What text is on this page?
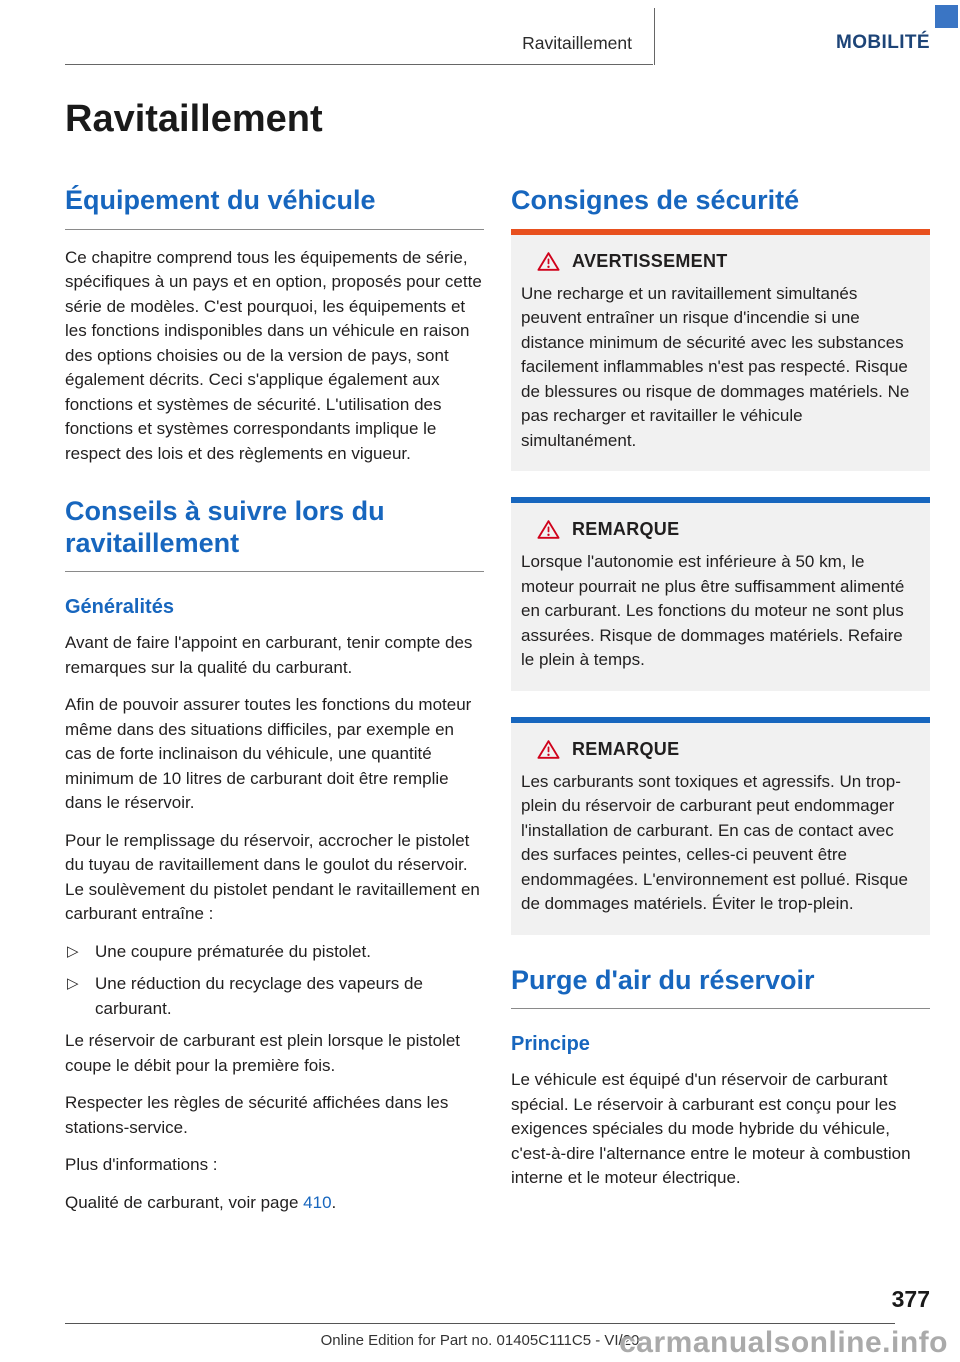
Ravitaillement	MOBILITÉ
Ravitaillement
Équipement du véhicule

Ce chapitre comprend tous les équipements de série, spécifiques à un pays et en option, proposés pour cette série de modèles. C'est pourquoi, les équipements et les fonctions indisponibles dans un véhicule en raison des options choisies ou de la version de pays, sont également décrits. Ceci s'applique également aux fonctions et systèmes de sécurité. L'utilisation des fonctions et systèmes correspondants implique le respect des lois et des règlements en vigueur.

Conseils à suivre lors du ravitaillement
Généralités

Avant de faire l'appoint en carburant, tenir compte des remarques sur la qualité du carburant.

Afin de pouvoir assurer toutes les fonctions du moteur même dans des situations difficiles, par exemple en cas de forte inclinaison du véhicule, une quantité minimum de 10 litres de carburant doit être remplie dans le réservoir.

Pour le remplissage du réservoir, accrocher le pistolet du tuyau de ravitaillement dans le goulot du réservoir. Le soulèvement du pistolet pendant le ravitaillement en carburant entraîne :

▷ Une coupure prématurée du pistolet.
▷ Une réduction du recyclage des vapeurs de carburant.

Le réservoir de carburant est plein lorsque le pistolet coupe le débit pour la première fois.

Respecter les règles de sécurité affichées dans les stations-service.

Plus d'informations :

Qualité de carburant, voir page 410.

Consignes de sécurité
AVERTISSEMENT

Une recharge et un ravitaillement simultanés peuvent entraîner un risque d'incendie si une distance minimum de sécurité avec les substances facilement inflammables n'est pas respecté. Risque de blessures ou risque de dommages matériels. Ne pas recharger et ravitailler le véhicule simultanément.

REMARQUE

Lorsque l'autonomie est inférieure à 50 km, le moteur pourrait ne plus être suffisamment alimenté en carburant. Les fonctions du moteur ne sont plus assurées. Risque de dommages matériels. Refaire le plein à temps.

REMARQUE

Les carburants sont toxiques et agressifs. Un trop-plein du réservoir de carburant peut endommager l'installation de carburant. En cas de contact avec des surfaces peintes, celles-ci peuvent être endommagées. L'environnement est pollué. Risque de dommages matériels. Éviter le trop-plein.

Purge d'air du réservoir
Principe

Le véhicule est équipé d'un réservoir de carburant spécial. Le réservoir à carburant est conçu pour les exigences spéciales du mode hybride du véhicule, c'est-à-dire l'alternance entre le moteur à combustion interne et le moteur électrique.

377
Online Edition for Part no. 01405C111C5 - VI/20
carmanualsonline.info
